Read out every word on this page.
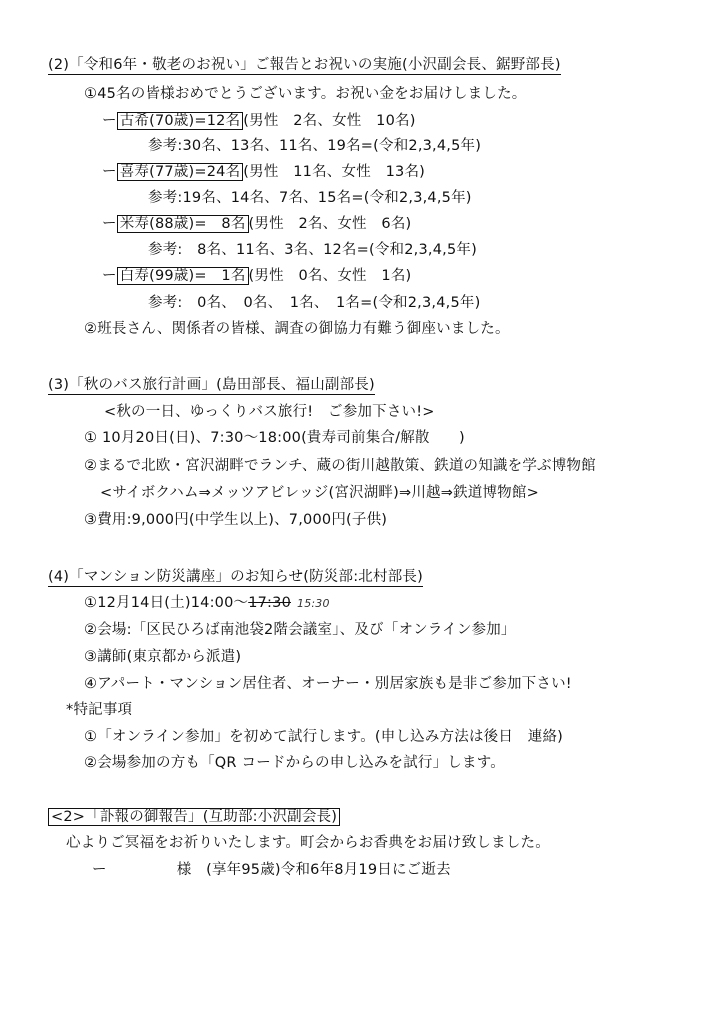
(2)「令和6年・敬老のお祝い」ご報告とお祝いの実施(小沢副会長、鋸野部長)
①45名の皆様おめでとうございます。お祝い金をお届けしました。
ー 古希(70歳)=12名 (男性　2名、女性　10名)
参考:30名、13名、11名、19名=(令和2,3,4,5年)
ー 喜寿(77歳)=24名 (男性　11名、女性　13名)
参考:19名、14名、7名、15名=(令和2,3,4,5年)
ー 米寿(88歳)=　8名 (男性　2名、女性　6名)
参考:　8名、11名、3名、12名=(令和2,3,4,5年)
ー 白寿(99歳)=　1名 (男性　0名、女性　1名)
参考:　0名、　0名、　1名、　1名=(令和2,3,4,5年)
②班長さん、関係者の皆様、調査の御協力有難う御座いました。
(3)「秋のバス旅行計画」(島田部長、福山副部長)
<秋の一日、ゆっくりバス旅行!　ご参加下さい!>
① 10月20日(日)、7:30～18:00(貴寿司前集合/解散　　)
②まるで北欧・宮沢湖畔でランチ、蔵の街川越散策、鉄道の知識を学ぶ博物館
<サイボクハム⇒メッツアビレッジ(宮沢湖畔)⇒川越⇒鉄道博物館>
③費用:9,000円(中学生以上)、7,000円(子供)
(4)「マンション防災講座」のお知らせ(防災部:北村部長)
①12月14日(土)14:00～17:30 15:30
②会場:「区民ひろば南池袋2階会議室」、及び「オンライン参加」
③講師(東京都から派遣)
④アパート・マンション居住者、オーナー・別居家族も是非ご参加下さい!
*特記事項
①「オンライン参加」を初めて試行します。(申し込み方法は後日　連絡)
②会場参加の方も「QR コードからの申し込みを試行」します。
<2>「訃報の御報告」(互助部:小沢副会長)
心よりご冥福をお祈りいたします。町会からお香典をお届け致しました。
ー	様　(享年95歳)令和6年8月19日にご逝去
